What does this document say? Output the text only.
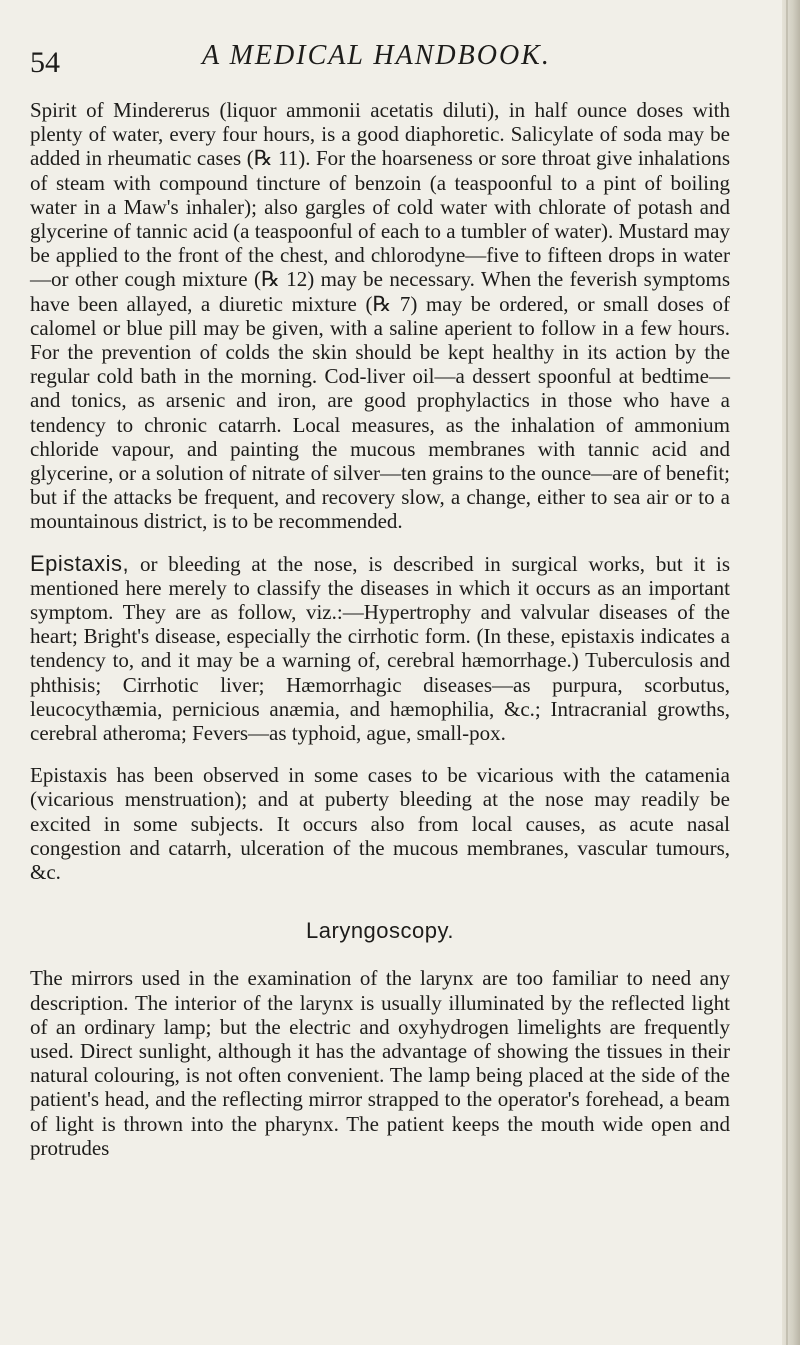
54	A MEDICAL HANDBOOK.

Spirit of Mindererus (liquor ammonii acetatis diluti), in half ounce doses with plenty of water, every four hours, is a good diaphoretic. Salicylate of soda may be added in rheumatic cases (℞ 11). For the hoarseness or sore throat give inhalations of steam with compound tincture of benzoin (a teaspoonful to a pint of boiling water in a Maw's inhaler); also gargles of cold water with chlorate of potash and glycerine of tannic acid (a teaspoonful of each to a tumbler of water). Mustard may be applied to the front of the chest, and chlorodyne—five to fifteen drops in water—or other cough mixture (℞ 12) may be necessary. When the feverish symptoms have been allayed, a diuretic mixture (℞ 7) may be ordered, or small doses of calomel or blue pill may be given, with a saline aperient to follow in a few hours. For the prevention of colds the skin should be kept healthy in its action by the regular cold bath in the morning. Cod-liver oil—a dessert spoonful at bedtime—and tonics, as arsenic and iron, are good prophylactics in those who have a tendency to chronic catarrh. Local measures, as the inhalation of ammonium chloride vapour, and painting the mucous membranes with tannic acid and glycerine, or a solution of nitrate of silver—ten grains to the ounce—are of benefit; but if the attacks be frequent, and recovery slow, a change, either to sea air or to a mountainous district, is to be recommended.

Epistaxis, or bleeding at the nose, is described in surgical works, but it is mentioned here merely to classify the diseases in which it occurs as an important symptom. They are as follow, viz.:—Hypertrophy and valvular diseases of the heart; Bright's disease, especially the cirrhotic form. (In these, epistaxis indicates a tendency to, and it may be a warning of, cerebral hæmorrhage.) Tuberculosis and phthisis; Cirrhotic liver; Hæmorrhagic diseases—as purpura, scorbutus, leucocythæmia, pernicious anæmia, and hæmophilia, &c.; Intracranial growths, cerebral atheroma; Fevers—as typhoid, ague, small-pox.

Epistaxis has been observed in some cases to be vicarious with the catamenia (vicarious menstruation); and at puberty bleeding at the nose may readily be excited in some subjects. It occurs also from local causes, as acute nasal congestion and catarrh, ulceration of the mucous membranes, vascular tumours, &c.

Laryngoscopy.

The mirrors used in the examination of the larynx are too familiar to need any description. The interior of the larynx is usually illuminated by the reflected light of an ordinary lamp; but the electric and oxyhydrogen limelights are frequently used. Direct sunlight, although it has the advantage of showing the tissues in their natural colouring, is not often convenient. The lamp being placed at the side of the patient's head, and the reflecting mirror strapped to the operator's forehead, a beam of light is thrown into the pharynx. The patient keeps the mouth wide open and protrudes
